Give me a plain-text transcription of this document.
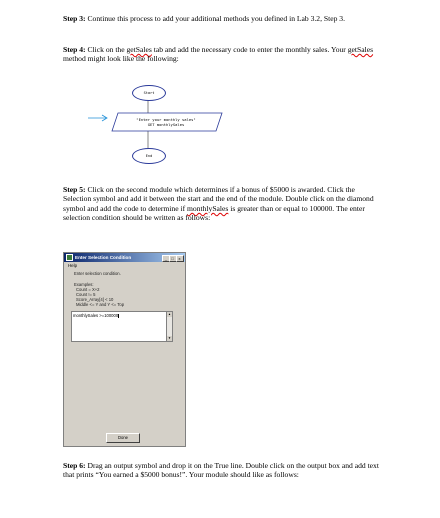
Step 3: Continue this process to add your additional methods you defined in Lab 3.2, Step 3.

Step 4: Click on the getSales tab and add the necessary code to enter the monthly sales. Your getSales method might look like the following:

Start
"Enter your monthly sales"
GET monthlySales
End

Step 5: Click on the second module which determines if a bonus of $5000 is awarded. Click the Selection symbol and add it between the start and the end of the module. Double click on the diamond symbol and add the code to determine if monthlySales is greater than or equal to 100000. The enter selection condition should be written as follows:

Enter Selection Condition	_	□	x
Help
Enter selection condition.
Examples:
Count = X+2
Count != 5
Score_Array[4] < 10
Middle <= Y and Y <= Top
monthlySales >=100000	▲
▼
Done

Step 6: Drag an output symbol and drop it on the True line. Double click on the output box and add text that prints “You earned a $5000 bonus!”. Your module should like as follows:
